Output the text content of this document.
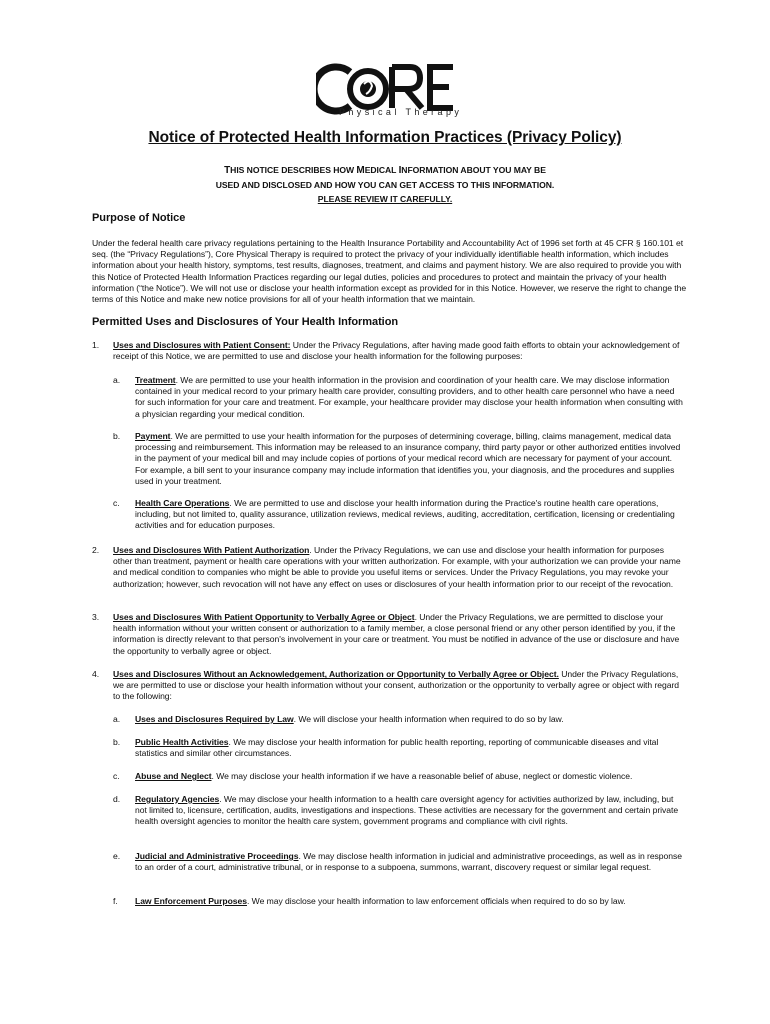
Physical Therapy
Notice of Protected Health Information Practices (Privacy Policy)
THIS NOTICE DESCRIBES HOW MEDICAL INFORMATION ABOUT YOU MAY BE
USED AND DISCLOSED AND HOW YOU CAN GET ACCESS TO THIS INFORMATION.
PLEASE REVIEW IT CAREFULLY.
Purpose of Notice

Under the federal health care privacy regulations pertaining to the Health Insurance Portability and Accountability Act of 1996 set forth at 45 CFR § 160.101 et seq. (the “Privacy Regulations”), Core Physical Therapy is required to protect the privacy of your individually identifiable health information, which includes information about your health history, symptoms, test results, diagnoses, treatment, and claims and payment history. We are also required to provide you with this Notice of Protected Health Information Practices regarding our legal duties, policies and procedures to protect and maintain the privacy of your health information (“the Notice”). We will not use or disclose your health information except as provided for in this Notice. However, we reserve the right to change the terms of this Notice and make new notice provisions for all of your health information that we maintain.

Permitted Uses and Disclosures of Your Health Information
1. Uses and Disclosures with Patient Consent: Under the Privacy Regulations, after having made good faith efforts to obtain your acknowledgement of receipt of this Notice, we are permitted to use and disclose your health information for the following purposes:
a. Treatment. We are permitted to use your health information in the provision and coordination of your health care. We may disclose information contained in your medical record to your primary health care provider, consulting providers, and to other health care personnel who have a need for such information for your care and treatment. For example, your healthcare provider may disclose your health information when consulting with a physician regarding your medical condition.
b. Payment. We are permitted to use your health information for the purposes of determining coverage, billing, claims management, medical data processing and reimbursement. This information may be released to an insurance company, third party payor or other authorized entities involved in the payment of your medical bill and may include copies of portions of your medical record which are necessary for payment of your account. For example, a bill sent to your insurance company may include information that identifies you, your diagnosis, and the procedures and supplies used in your treatment.
c. Health Care Operations. We are permitted to use and disclose your health information during the Practice's routine health care operations, including, but not limited to, quality assurance, utilization reviews, medical reviews, auditing, accreditation, certification, licensing or credentialing activities and for education purposes.
2. Uses and Disclosures With Patient Authorization. Under the Privacy Regulations, we can use and disclose your health information for purposes other than treatment, payment or health care operations with your written authorization. For example, with your authorization we can provide your name and medical condition to companies who might be able to provide you useful items or services. Under the Privacy Regulations, you may revoke your authorization; however, such revocation will not have any effect on uses or disclosures of your health information prior to our receipt of the revocation.
3. Uses and Disclosures With Patient Opportunity to Verbally Agree or Object. Under the Privacy Regulations, we are permitted to disclose your health information without your written consent or authorization to a family member, a close personal friend or any other person identified by you, if the information is directly relevant to that person's involvement in your care or treatment. You must be notified in advance of the use or disclosure and have the opportunity to verbally agree or object.
4. Uses and Disclosures Without an Acknowledgement, Authorization or Opportunity to Verbally Agree or Object. Under the Privacy Regulations, we are permitted to use or disclose your health information without your consent, authorization or the opportunity to verbally agree or object with regard to the following:
a. Uses and Disclosures Required by Law. We will disclose your health information when required to do so by law.
b. Public Health Activities. We may disclose your health information for public health reporting, reporting of communicable diseases and vital statistics and similar other circumstances.
c. Abuse and Neglect. We may disclose your health information if we have a reasonable belief of abuse, neglect or domestic violence.
d. Regulatory Agencies. We may disclose your health information to a health care oversight agency for activities authorized by law, including, but not limited to, licensure, certification, audits, investigations and inspections. These activities are necessary for the government and certain private health oversight agencies to monitor the health care system, government programs and compliance with civil rights.
e. Judicial and Administrative Proceedings. We may disclose health information in judicial and administrative proceedings, as well as in response to an order of a court, administrative tribunal, or in response to a subpoena, summons, warrant, discovery request or similar legal request.
f. Law Enforcement Purposes. We may disclose your health information to law enforcement officials when required to do so by law.
